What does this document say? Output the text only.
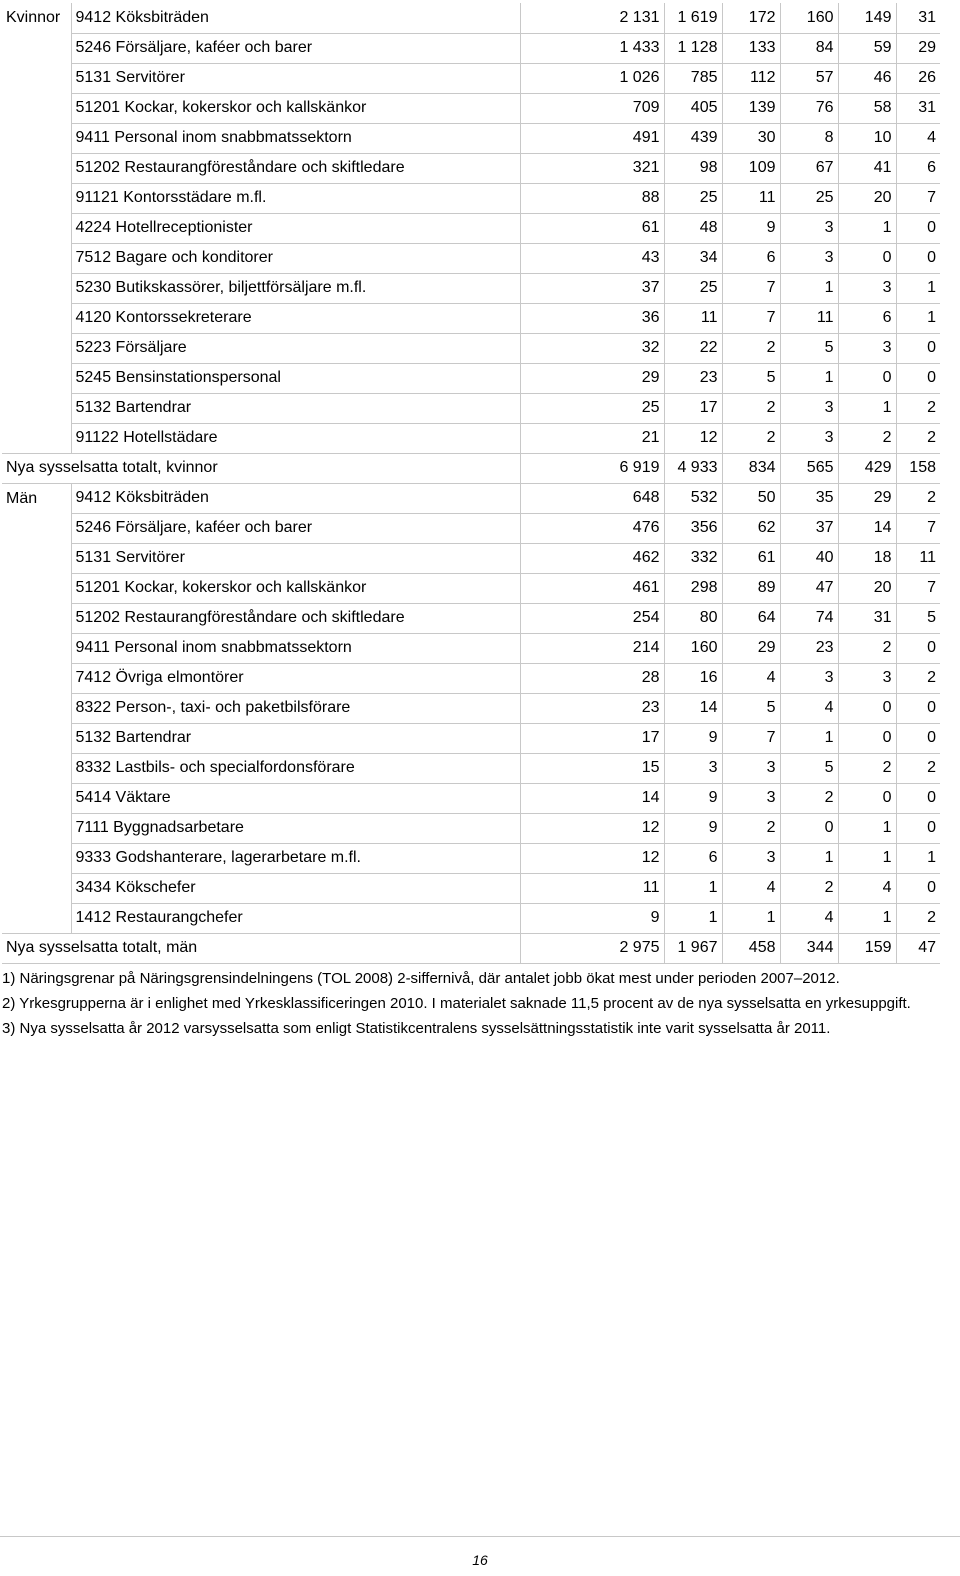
Kvinnor	9412 Köksbiträden	2 131	1 619	172	160	149	31
	5246 Försäljare, kaféer och barer	1 433	1 128	133	84	59	29
	5131 Servitörer	1 026	785	112	57	46	26
	51201 Kockar, kokerskor och kallskänkor	709	405	139	76	58	31
	9411 Personal inom snabbmatssektorn	491	439	30	8	10	4
	51202 Restaurangföreståndare och skiftledare	321	98	109	67	41	6
	91121 Kontorsstädare m.fl.	88	25	11	25	20	7
	4224 Hotellreceptionister	61	48	9	3	1	0
	7512 Bagare och konditorer	43	34	6	3	0	0
	5230 Butikskassörer, biljettförsäljare m.fl.	37	25	7	1	3	1
	4120 Kontorssekreterare	36	11	7	11	6	1
	5223 Försäljare	32	22	2	5	3	0
	5245 Bensinstationspersonal	29	23	5	1	0	0
	5132 Bartendrar	25	17	2	3	1	2
	91122 Hotellstädare	21	12	2	3	2	2
Nya sysselsatta totalt, kvinnor		6 919	4 933	834	565	429	158
Män	9412 Köksbiträden	648	532	50	35	29	2
	5246 Försäljare, kaféer och barer	476	356	62	37	14	7
	5131 Servitörer	462	332	61	40	18	11
	51201 Kockar, kokerskor och kallskänkor	461	298	89	47	20	7
	51202 Restaurangföreståndare och skiftledare	254	80	64	74	31	5
	9411 Personal inom snabbmatssektorn	214	160	29	23	2	0
	7412 Övriga elmontörer	28	16	4	3	3	2
	8322 Person-, taxi- och paketbilsförare	23	14	5	4	0	0
	5132 Bartendrar	17	9	7	1	0	0
	8332 Lastbils- och specialfordonsförare	15	3	3	5	2	2
	5414 Väktare	14	9	3	2	0	0
	7111 Byggnadsarbetare	12	9	2	0	1	0
	9333 Godshanterare, lagerarbetare m.fl.	12	6	3	1	1	1
	3434 Kökschefer	11	1	4	2	4	0
	1412 Restaurangchefer	9	1	1	4	1	2
Nya sysselsatta totalt, män		2 975	1 967	458	344	159	47

1) Näringsgrenar på Näringsgrensindelningens (TOL 2008) 2-siffernivå, där antalet jobb ökat mest under perioden 2007–2012.

2) Yrkesgrupperna är i enlighet med Yrkesklassificeringen 2010. I materialet saknade 11,5 procent av de nya sysselsatta en yrkesuppgift.

3) Nya sysselsatta år 2012 varsysselsatta som enligt Statistikcentralens sysselsättningsstatistik inte varit sysselsatta år 2011.

16
